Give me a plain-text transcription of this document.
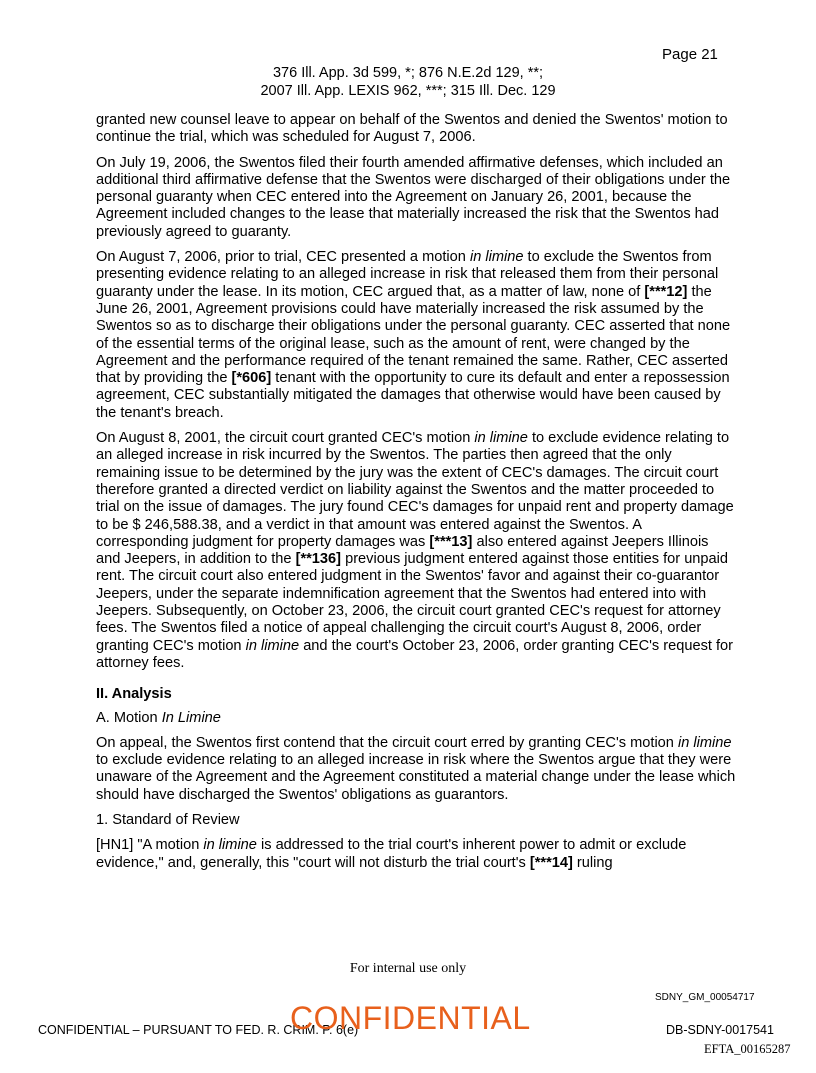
Page 21
376 Ill. App. 3d 599, *; 876 N.E.2d 129, **;
2007 Ill. App. LEXIS 962, ***; 315 Ill. Dec. 129

granted new counsel leave to appear on behalf of the Swentos and denied the Swentos' motion to continue the trial, which was scheduled for August 7, 2006.

On July 19, 2006, the Swentos filed their fourth amended affirmative defenses, which included an additional third affirmative defense that the Swentos were discharged of their obligations under the personal guaranty when CEC entered into the Agreement on January 26, 2001, because the Agreement included changes to the lease that materially increased the risk that the Swentos had previously agreed to guaranty.

On August 7, 2006, prior to trial, CEC presented a motion in limine to exclude the Swentos from presenting evidence relating to an alleged increase in risk that released them from their personal guaranty under the lease. In its motion, CEC argued that, as a matter of law, none of [***12] the June 26, 2001, Agreement provisions could have materially increased the risk assumed by the Swentos so as to discharge their obligations under the personal guaranty. CEC asserted that none of the essential terms of the original lease, such as the amount of rent, were changed by the Agreement and the performance required of the tenant remained the same. Rather, CEC asserted that by providing the [*606] tenant with the opportunity to cure its default and enter a repossession agreement, CEC substantially mitigated the damages that otherwise would have been caused by the tenant's breach.

On August 8, 2001, the circuit court granted CEC's motion in limine to exclude evidence relating to an alleged increase in risk incurred by the Swentos. The parties then agreed that the only remaining issue to be determined by the jury was the extent of CEC's damages. The circuit court therefore granted a directed verdict on liability against the Swentos and the matter proceeded to trial on the issue of damages. The jury found CEC's damages for unpaid rent and property damage to be $ 246,588.38, and a verdict in that amount was entered against the Swentos. A corresponding judgment for property damages was [***13] also entered against Jeepers Illinois and Jeepers, in addition to the [**136] previous judgment entered against those entities for unpaid rent. The circuit court also entered judgment in the Swentos' favor and against their co-guarantor Jeepers, under the separate indemnification agreement that the Swentos had entered into with Jeepers. Subsequently, on October 23, 2006, the circuit court granted CEC's request for attorney fees. The Swentos filed a notice of appeal challenging the circuit court's August 8, 2006, order granting CEC's motion in limine and the court's October 23, 2006, order granting CEC's request for attorney fees.

II. Analysis
A. Motion In Limine

On appeal, the Swentos first contend that the circuit court erred by granting CEC's motion in limine to exclude evidence relating to an alleged increase in risk where the Swentos argue that they were unaware of the Agreement and the Agreement constituted a material change under the lease which should have discharged the Swentos' obligations as guarantors.

1. Standard of Review

[HN1] "A motion in limine is addressed to the trial court's inherent power to admit or exclude evidence," and, generally, this "court will not disturb the trial court's [***14] ruling

For internal use only
SDNY_GM_00054717
CONFIDENTIAL – PURSUANT TO FED. R. CRIM. P. 6(e)
CONFIDENTIAL	DB-SDNY-0017541
EFTA_00165287
